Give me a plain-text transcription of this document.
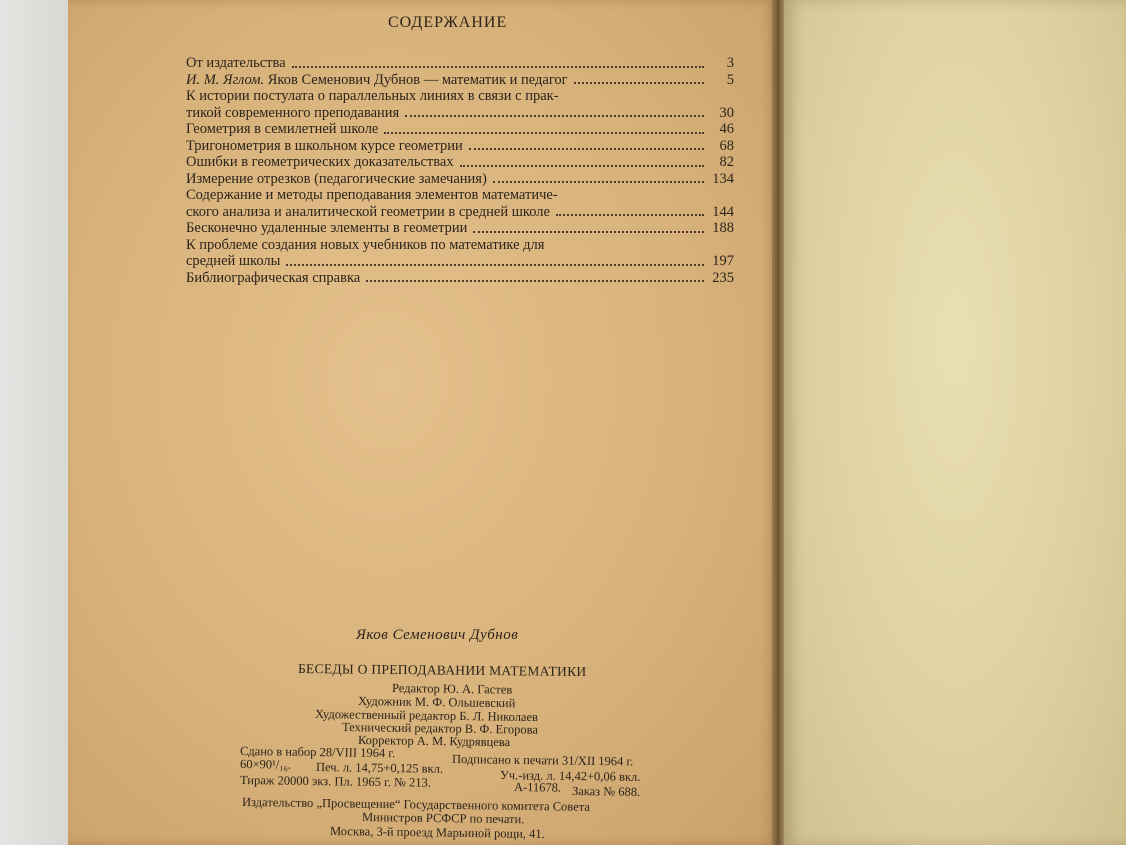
СОДЕРЖАНИЕ
От издательства	3
И. М. Яглом. Яков Семенович Дубнов — математик и педагог	5
К истории постулата о параллельных линиях в связи с прак-
тикой современного преподавания	30
Геометрия в семилетней школе	46
Тригонометрия в школьном курсе геометрии	68
Ошибки в геометрических доказательствах	82
Измерение отрезков (педагогические замечания)	134
Содержание и методы преподавания элементов математиче-
ского анализа и аналитической геометрии в средней школе	144
Бесконечно удаленные элементы в геометрии	188
К проблеме создания новых учебников по математике для
средней школы	197
Библиографическая справка	235
Яков Семенович Дубнов
БЕСЕДЫ О ПРЕПОДАВАНИИ МАТЕМАТИКИ
Редактор Ю. А. Гастев
Художник М. Ф. Ольшевский
Художественный редактор Б. Л. Николаев
Технический редактор В. Ф. Егорова
Корректор А. М. Кудрявцева
Сдано в набор 28/VIII 1964 г.	Подписано к печати 31/XII 1964 г.
60×90¹/₁₆. Печ. л. 14,75+0,125 вкл.
Уч.-изд. л. 14,42+0,06 вкл.
Тираж 20000 экз. Пл. 1965 г. № 213.	А-11678. Заказ № 688.
Издательство „Просвещение“ Государственного комитета Совета
Министров РСФСР по печати.
Москва, 3-й проезд Марьиной рощи, 41.
